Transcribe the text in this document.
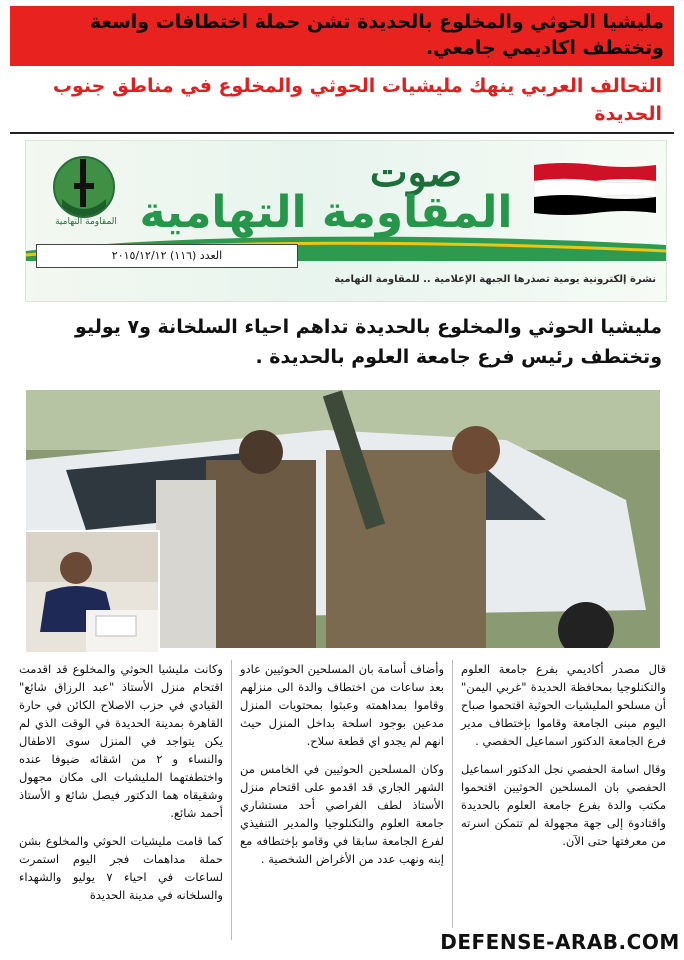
مليشيا الحوثي والمخلوع بالحديدة تشن حملة اختطافات واسعة وتختطف اكاديمي جامعي.
التحالف العربي ينهك مليشيات الحوثي والمخلوع في مناطق جنوب الحديدة
المقاومة التهامية
صوت
المقاومة التهامية
العدد (١١٦) ٢٠١٥/١٢/١٢
نشرة إلكترونية يومية تصدرها الجبهة الإعلامية .. للمقاومة التهامية
مليشيا الحوثي والمخلوع بالحديدة تداهم احياء السلخانة و٧ يوليو وتختطف رئيس فرع جامعة العلوم بالحديدة .

قال مصدر أكاديمي بفرع جامعة العلوم والتكنلوجيا بمحافظة الحديدة "غربي اليمن" أن مسلحو المليشيات الحوثية اقتحموا صباح اليوم مبنى الجامعة وقاموا بإختطاف مدير فرع الجامعة الدكتور اسماعيل الحفصي .

وقال اسامة الحفصي نجل الدكتور اسماعيل الحفصي بان المسلحين الحوثيين اقتحموا مكتب والدة بفرع جامعة العلوم بالحديدة واقتادوة إلى جهة مجهولة لم تتمكن اسرته من معرفتها حتى الآن.

وأضاف أسامة بان المسلحين الحوثيين عادو بعد ساعات من اختطاف والدة الى منزلهم وقاموا بمداهمته وعبثوا بمحتويات المنزل مدعين بوجود اسلحة بداخل المنزل حيث انهم لم يجدو اي قطعة سلاح.

وكان المسلحين الحوثيين في الخامس من الشهر الجاري قد اقدمو على اقتحام منزل الأستاذ لطف الفراصي أحد مستشاري جامعة العلوم والتكنلوجيا والمدير التنفيذي لفرع الجامعة سابقا في وقامو بإختطافه مع إبنه ونهب عدد من الأغراض الشخصية .

وكانت مليشيا الحوثي والمخلوع قد اقدمت اقتحام منزل الأستاذ "عبد الرزاق شائع" القيادي في حزب الاصلاح الكائن في حارة القاهرة بمدينة الحديدة في الوقت الذي لم يكن يتواجد في المنزل سوى الاطفال والنساء و ٢ من اشقائه ضيوفا عنده واختطفتهما المليشيات الى مكان مجهول وشقيقاه هما الدكتور فيصل شائع و الأستاذ أحمد شائع.

كما قامت مليشيات الحوثي والمخلوع بشن حملة مداهمات فجر اليوم استمرت لساعات في احياء ٧ يوليو والشهداء والسلخانه في مدينة الحديدة

DEFENSE-ARAB.COM
